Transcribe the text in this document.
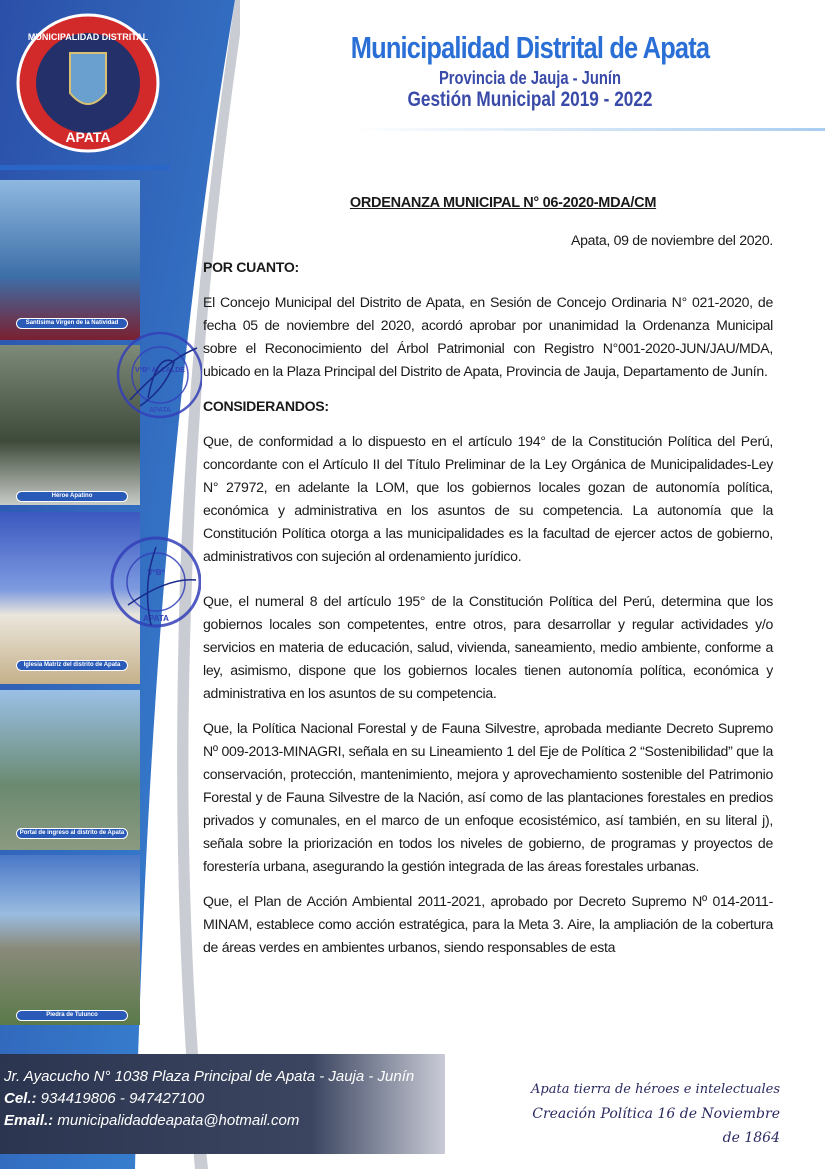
MUNICIPALIDAD DISTRITAL
APATA
Santísima Virgen de la Natividad
Héroe Apatino
Iglesia Matriz del distrito de Apata
Portal de ingreso al distrito de Apata
Piedra de Tulunco
Municipalidad Distrital de Apata
Provincia de Jauja - Junín
Gestión Municipal 2019 - 2022
VºBº ALCALDE
APATA
VºBº
APATA
ORDENANZA MUNICIPAL N° 06-2020-MDA/CM
Apata, 09 de noviembre del 2020.
POR CUANTO:
El Concejo Municipal del Distrito de Apata, en Sesión de Concejo Ordinaria N° 021-2020, de fecha 05 de noviembre del 2020, acordó aprobar por unanimidad la Ordenanza Municipal sobre el Reconocimiento del Árbol Patrimonial con Registro N°001-2020-JUN/JAU/MDA, ubicado en la Plaza Principal del Distrito de Apata, Provincia de Jauja, Departamento de Junín.
CONSIDERANDOS:
Que, de conformidad a lo dispuesto en el artículo 194° de la Constitución Política del Perú, concordante con el Artículo II del Título Preliminar de la Ley Orgánica de Municipalidades-Ley N° 27972, en adelante la LOM, que los gobiernos locales gozan de autonomía política, económica y administrativa en los asuntos de su competencia. La autonomía que la Constitución Política otorga a las municipalidades es la facultad de ejercer actos de gobierno, administrativos con sujeción al ordenamiento jurídico.
Que, el numeral 8 del artículo 195° de la Constitución Política del Perú, determina que los gobiernos locales son competentes, entre otros, para desarrollar y regular actividades y/o servicios en materia de educación, salud, vivienda, saneamiento, medio ambiente, conforme a ley, asimismo, dispone que los gobiernos locales tienen autonomía política, económica y administrativa en los asuntos de su competencia.
Que, la Política Nacional Forestal y de Fauna Silvestre, aprobada mediante Decreto Supremo Nº 009-2013-MINAGRI, señala en su Lineamiento 1 del Eje de Política 2 “Sostenibilidad” que la conservación, protección, mantenimiento, mejora y aprovechamiento sostenible del Patrimonio Forestal y de Fauna Silvestre de la Nación, así como de las plantaciones forestales en predios privados y comunales, en el marco de un enfoque ecosistémico, así también, en su literal j), señala sobre la priorización en todos los niveles de gobierno, de programas y proyectos de forestería urbana, asegurando la gestión integrada de las áreas forestales urbanas.
Que, el Plan de Acción Ambiental 2011-2021, aprobado por Decreto Supremo Nº 014-2011-MINAM, establece como acción estratégica, para la Meta 3. Aire, la ampliación de la cobertura de áreas verdes en ambientes urbanos, siendo responsables de esta
Jr. Ayacucho N° 1038 Plaza Principal de Apata - Jauja - Junín
Cel.: 934419806 - 947427100
Email.: municipalidaddeapata@hotmail.com
Apata tierra de héroes e intelectuales
Creación Política 16 de Noviembre de 1864
